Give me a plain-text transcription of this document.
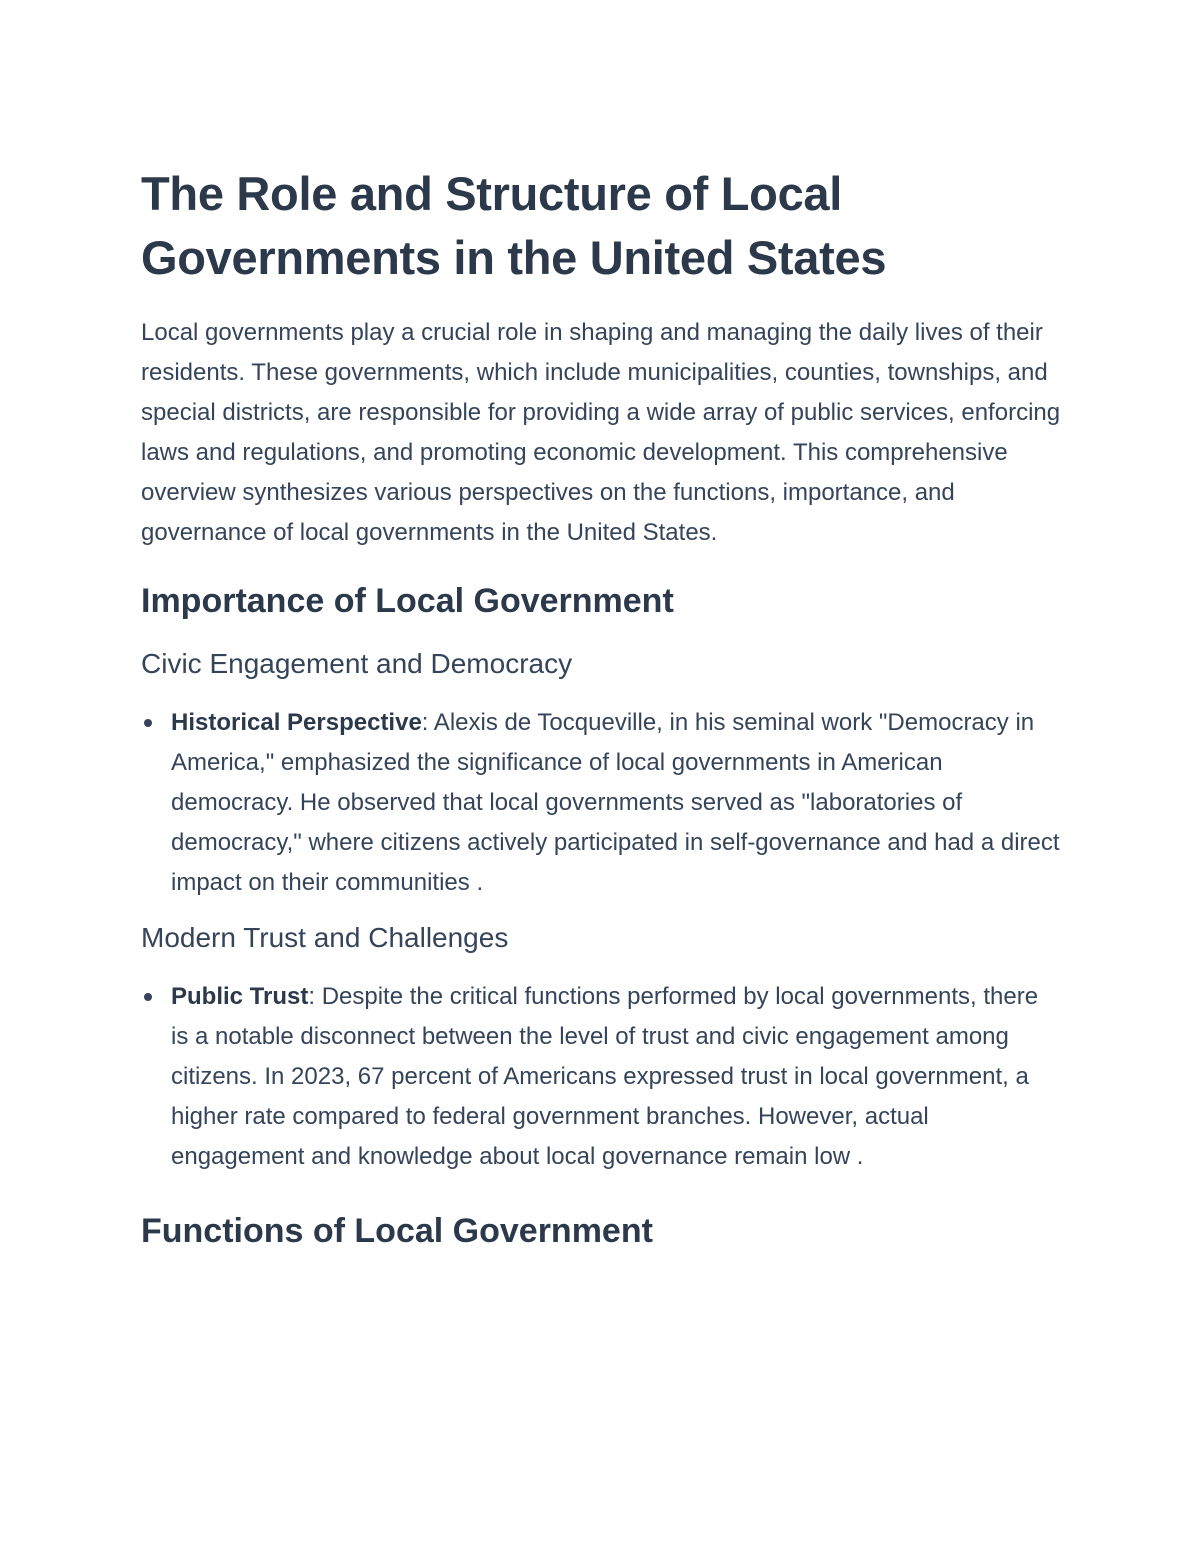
The Role and Structure of Local Governments in the United States

Local governments play a crucial role in shaping and managing the daily lives of their residents. These governments, which include municipalities, counties, townships, and special districts, are responsible for providing a wide array of public services, enforcing laws and regulations, and promoting economic development. This comprehensive overview synthesizes various perspectives on the functions, importance, and governance of local governments in the United States.

Importance of Local Government
Civic Engagement and Democracy
Historical Perspective: Alexis de Tocqueville, in his seminal work "Democracy in America," emphasized the significance of local governments in American democracy. He observed that local governments served as "laboratories of democracy," where citizens actively participated in self-governance and had a direct impact on their communities .
Modern Trust and Challenges
Public Trust: Despite the critical functions performed by local governments, there is a notable disconnect between the level of trust and civic engagement among citizens. In 2023, 67 percent of Americans expressed trust in local government, a higher rate compared to federal government branches. However, actual engagement and knowledge about local governance remain low .
Functions of Local Government
